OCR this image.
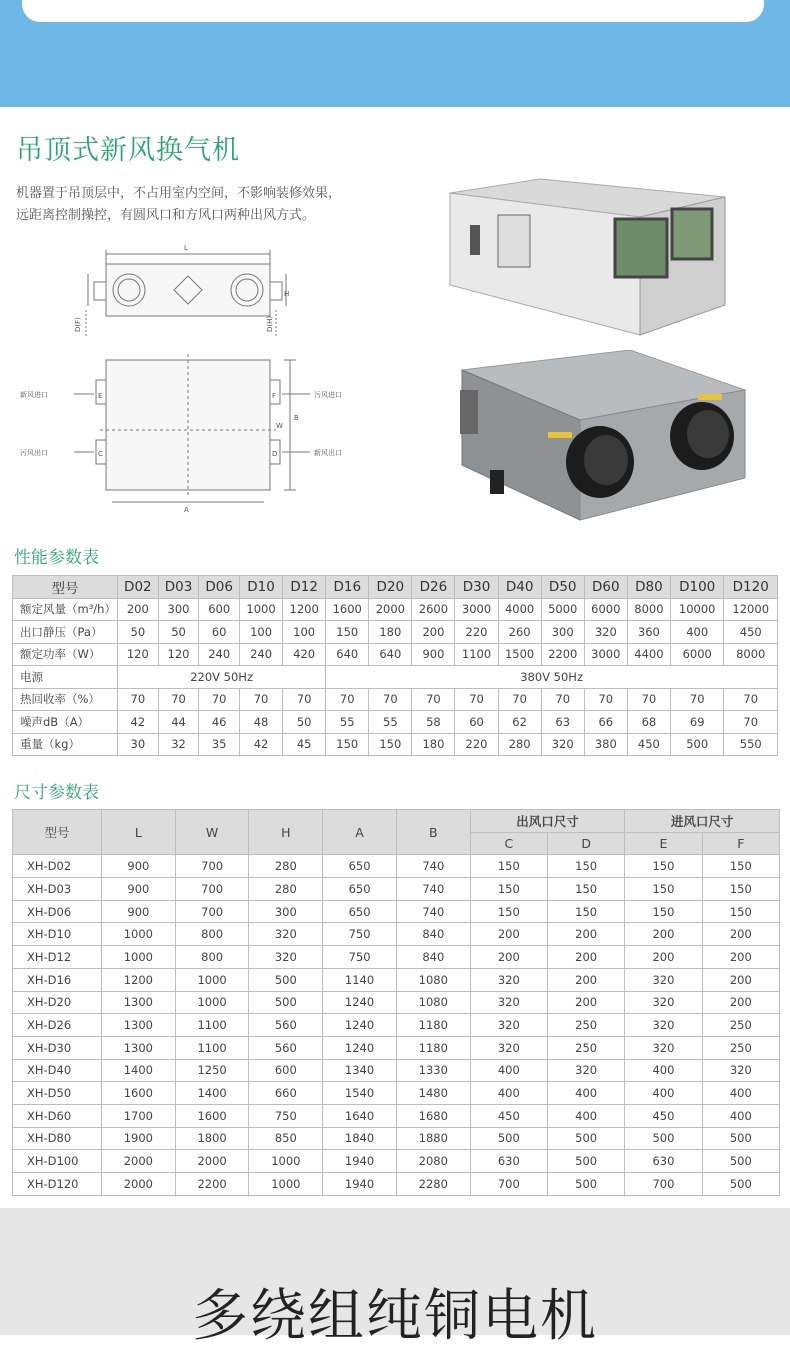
吊顶式新风换气机
机器置于吊顶层中，不占用室内空间，不影响装修效果，
远距离控制操控，有圆风口和方风口两种出风方式。
L
D(F)	D(H)
新风进口
污风出口
污风进口
新风出口
A
B
W
H
E
C
F
D
性能参数表
型号	D02	D03	D06	D10	D12	D16	D20	D26	D30	D40	D50	D60	D80	D100	D120
额定风量（m³/h）	200	300	600	1000	1200	1600	2000	2600	3000	4000	5000	6000	8000	10000	12000
出口静压（Pa）	50	50	60	100	100	150	180	200	220	260	300	320	360	400	450
额定功率（W）	120	120	240	240	420	640	640	900	1100	1500	2200	3000	4400	6000	8000
电源	220V 50Hz					380V 50Hz									
热回收率（%）	70	70	70	70	70	70	70	70	70	70	70	70	70	70	70
噪声dB（A）	42	44	46	48	50	55	55	58	60	62	63	66	68	69	70
重量（kg）	30	32	35	42	45	150	150	180	220	280	320	380	450	500	550
尺寸参数表
型号	L	W	H	A	B	出风口尺寸		进风口尺寸	
						C	D	E	F
XH-D02	900	700	280	650	740	150	150	150	150
XH-D03	900	700	280	650	740	150	150	150	150
XH-D06	900	700	300	650	740	150	150	150	150
XH-D10	1000	800	320	750	840	200	200	200	200
XH-D12	1000	800	320	750	840	200	200	200	200
XH-D16	1200	1000	500	1140	1080	320	200	320	200
XH-D20	1300	1000	500	1240	1080	320	200	320	200
XH-D26	1300	1100	560	1240	1180	320	250	320	250
XH-D30	1300	1100	560	1240	1180	320	250	320	250
XH-D40	1400	1250	600	1340	1330	400	320	400	320
XH-D50	1600	1400	660	1540	1480	400	400	400	400
XH-D60	1700	1600	750	1640	1680	450	400	450	400
XH-D80	1900	1800	850	1840	1880	500	500	500	500
XH-D100	2000	2000	1000	1940	2080	630	500	630	500
XH-D120	2000	2200	1000	1940	2280	700	500	700	500
多绕组纯铜电机
